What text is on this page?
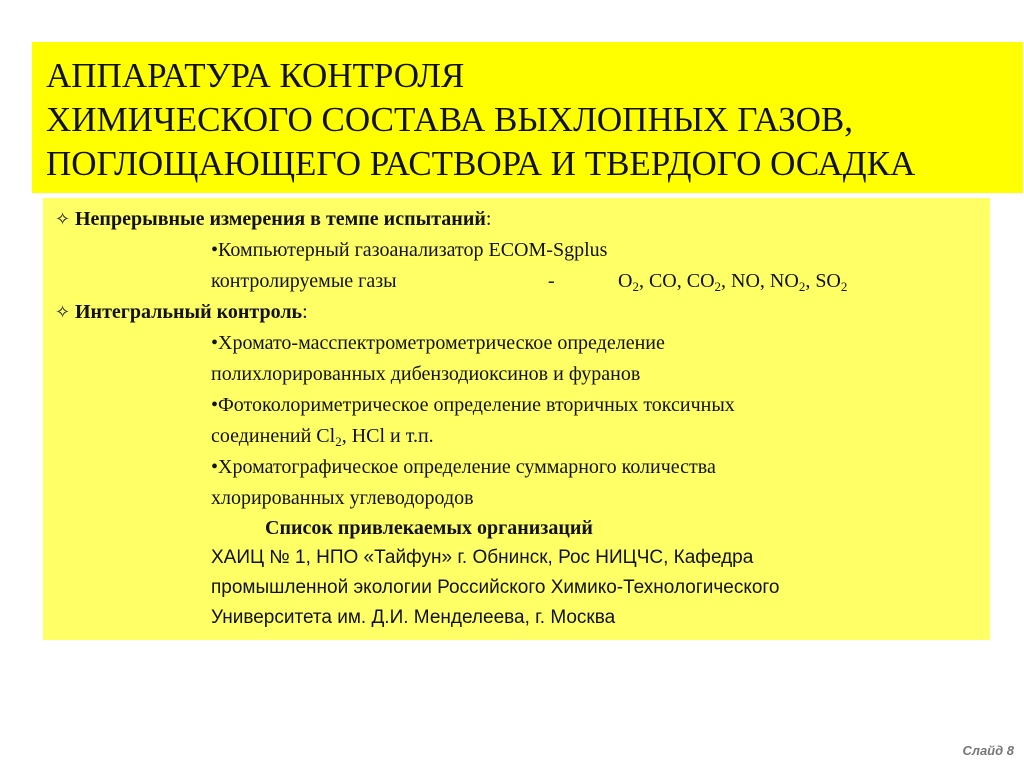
АППАРАТУРА КОНТРОЛЯ
ХИМИЧЕСКОГО СОСТАВА ВЫХЛОПНЫХ ГАЗОВ,
ПОГЛОЩАЮЩЕГО РАСТВОРА И ТВЕРДОГО ОСАДКА
✧ Непрерывные измерения в темпе испытаний:
•Компьютерный газоанализатор ECOM-Sgplus
контролируемые газы	-	$O_2$, CO, $CO_2$, NO, $NO_2$, $SO_2$
✧ Интегральный контроль:
•Хромато-масспектрометрометрическое определение
полихлорированных дибензодиоксинов и фуранов
•Фотоколориметрическое определение вторичных токсичных
соединений $Cl_2$, HCl и т.п.
•Хроматографическое определение суммарного количества
хлорированных углеводородов
Список привлекаемых организаций
ХАИЦ № 1, НПО «Тайфун» г. Обнинск, Рос НИЦЧС, Кафедра
промышленной экологии Российского Химико-Технологического
Университета им. Д.И. Менделеева, г. Москва
Слайд 8
